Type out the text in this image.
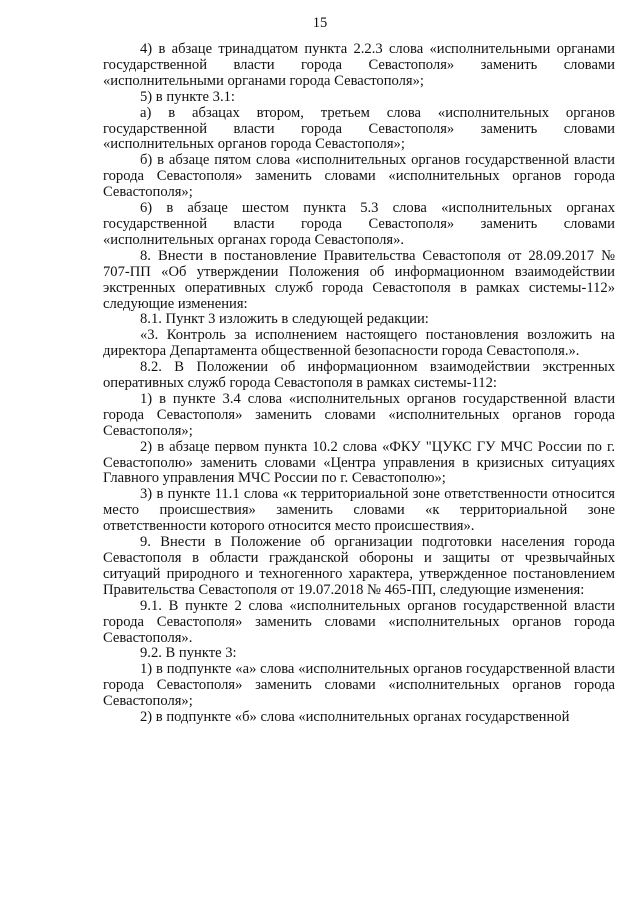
15

4) в абзаце тринадцатом пункта 2.2.3 слова «исполнительными органами государственной власти города Севастополя» заменить словами «исполнительными органами города Севастополя»;

5) в пункте 3.1:

а) в абзацах втором, третьем слова «исполнительных органов государственной власти города Севастополя» заменить словами «исполнительных органов города Севастополя»;

б) в абзаце пятом слова «исполнительных органов государственной власти города Севастополя» заменить словами «исполнительных органов города Севастополя»;

6) в абзаце шестом пункта 5.3 слова «исполнительных органах государственной власти города Севастополя» заменить словами «исполнительных органах города Севастополя».

8. Внести в постановление Правительства Севастополя от 28.09.2017 № 707-ПП «Об утверждении Положения об информационном взаимодействии экстренных оперативных служб города Севастополя в рамках системы-112» следующие изменения:

8.1. Пункт 3 изложить в следующей редакции:

«3. Контроль за исполнением настоящего постановления возложить на директора Департамента общественной безопасности города Севастополя.».

8.2. В Положении об информационном взаимодействии экстренных оперативных служб города Севастополя в рамках системы-112:

1) в пункте 3.4 слова «исполнительных органов государственной власти города Севастополя» заменить словами «исполнительных органов города Севастополя»;

2) в абзаце первом пункта 10.2 слова «ФКУ "ЦУКС ГУ МЧС России по г. Севастополю» заменить словами «Центра управления в кризисных ситуациях Главного управления МЧС России по г. Севастополю»;

3) в пункте 11.1 слова «к территориальной зоне ответственности относится место происшествия» заменить словами «к территориальной зоне ответственности которого относится место происшествия».

9. Внести в Положение об организации подготовки населения города Севастополя в области гражданской обороны и защиты от чрезвычайных ситуаций природного и техногенного характера, утвержденное постановлением Правительства Севастополя от 19.07.2018 № 465-ПП, следующие изменения:

9.1. В пункте 2 слова «исполнительных органов государственной власти города Севастополя» заменить словами «исполнительных органов города Севастополя».

9.2. В пункте 3:

1) в подпункте «а» слова «исполнительных органов государственной власти города Севастополя» заменить словами «исполнительных органов города Севастополя»;

2) в подпункте «б» слова «исполнительных органах государственной
